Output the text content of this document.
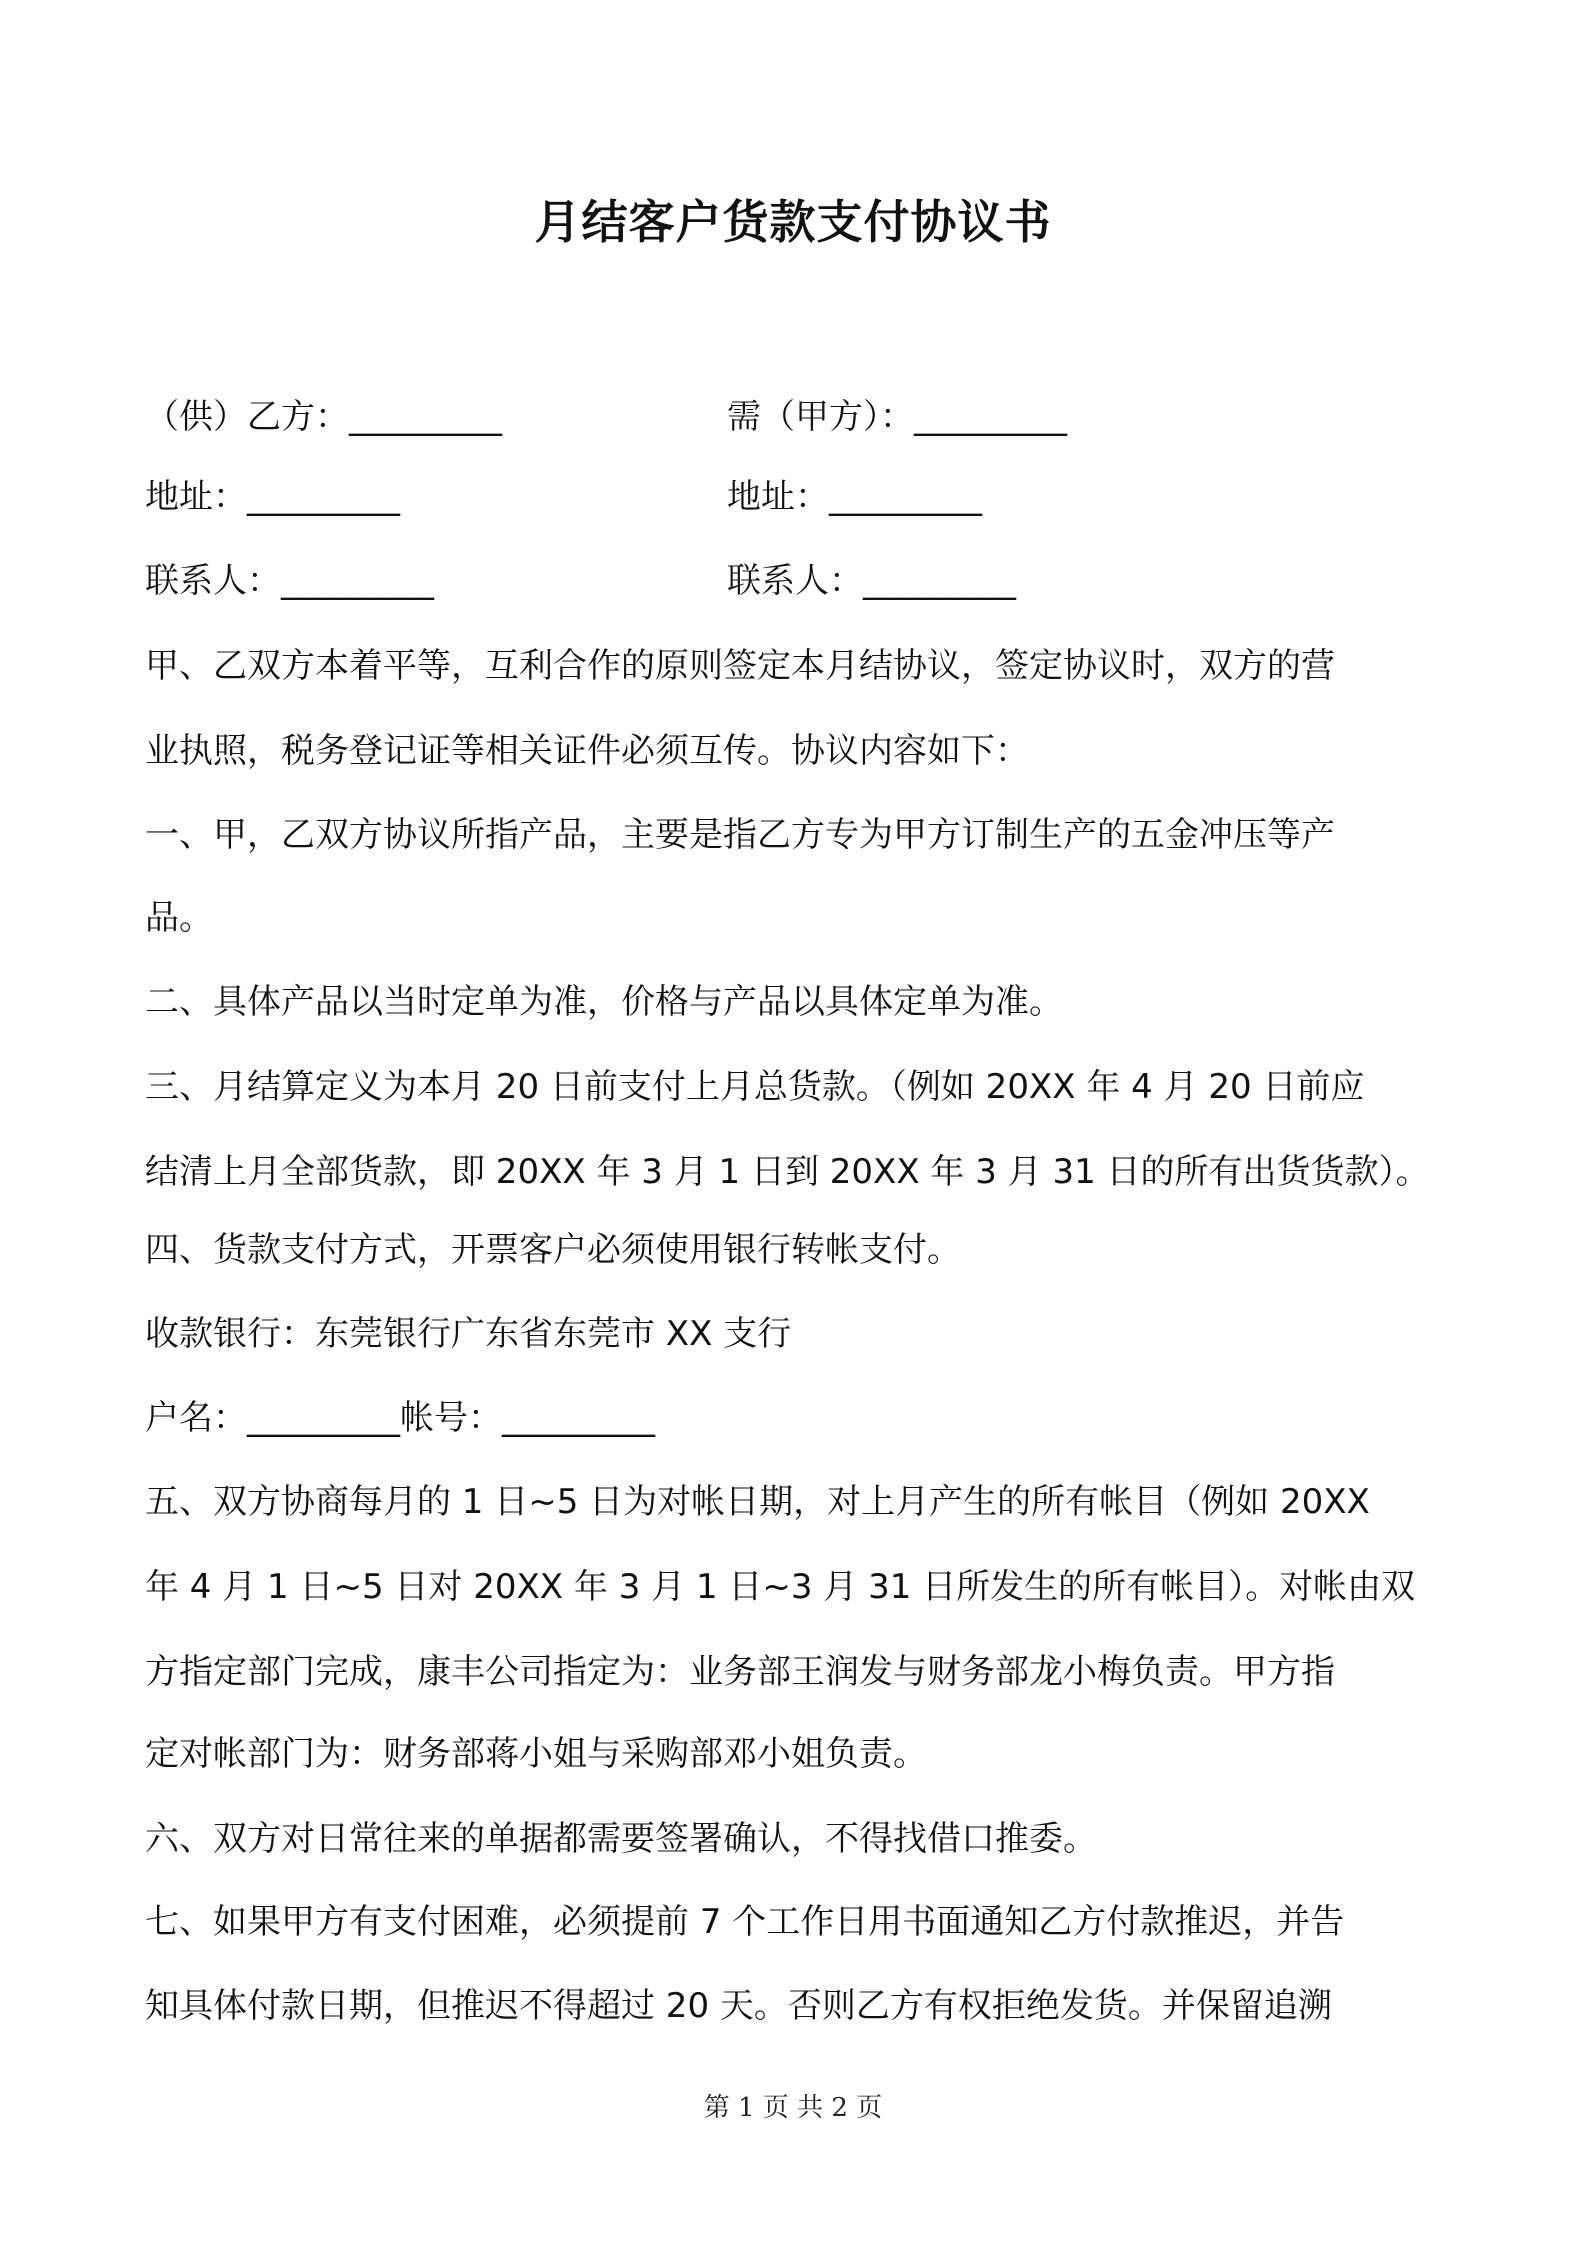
月结客户货款支付协议书
（供）乙方：_________	需（甲方）：_________
地址：_________	地址：_________
联系人：_________	联系人：_________
甲、乙双方本着平等，互利合作的原则签定本月结协议，签定协议时，双方的营
业执照，税务登记证等相关证件必须互传。协议内容如下：
一、甲，乙双方协议所指产品，主要是指乙方专为甲方订制生产的五金冲压等产
品。
二、具体产品以当时定单为准，价格与产品以具体定单为准。
三、月结算定义为本月 20 日前支付上月总货款。（例如 20XX 年 4 月 20 日前应
结清上月全部货款，即 20XX 年 3 月 1 日到 20XX 年 3 月 31 日的所有出货货款）。
四、货款支付方式，开票客户必须使用银行转帐支付。
收款银行：东莞银行广东省东莞市 XX 支行
户名：_________帐号：_________
五、双方协商每月的 1 日~5 日为对帐日期，对上月产生的所有帐目（例如 20XX
年 4 月 1 日~5 日对 20XX 年 3 月 1 日~3 月 31 日所发生的所有帐目）。对帐由双
方指定部门完成，康丰公司指定为：业务部王润发与财务部龙小梅负责。甲方指
定对帐部门为：财务部蒋小姐与采购部邓小姐负责。
六、双方对日常往来的单据都需要签署确认，不得找借口推委。
七、如果甲方有支付困难，必须提前 7 个工作日用书面通知乙方付款推迟，并告
知具体付款日期，但推迟不得超过 20 天。否则乙方有权拒绝发货。并保留追溯
第 1 页 共 2 页
